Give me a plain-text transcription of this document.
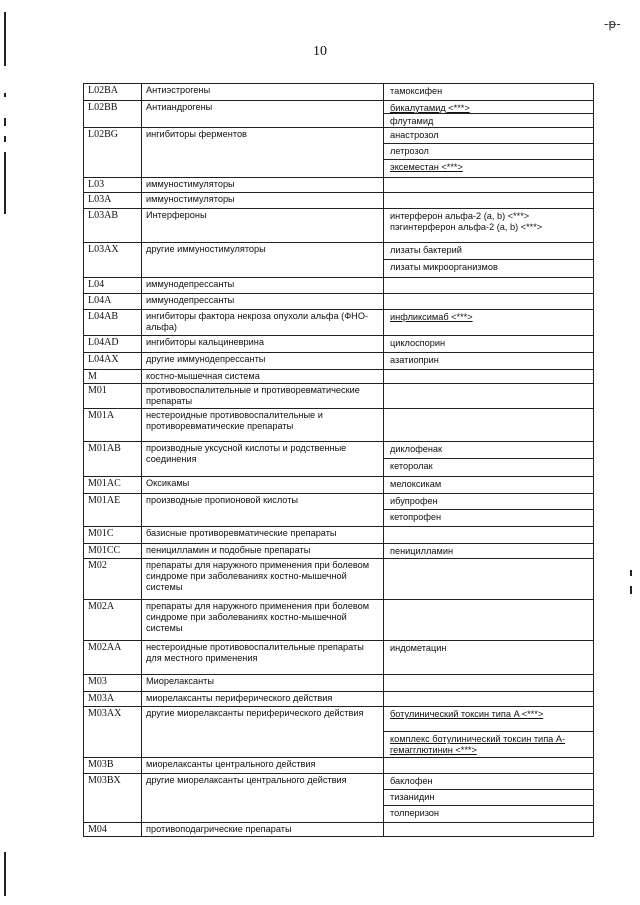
10
-ᵽ-
L02BA	Антиэстрогены	тамоксифен

L02BB	Антиандрогены	бикалутамид <***>
флутамид

L02BG	ингибиторы ферментов	анастрозол
летрозол
эксеместан <***>

L03	иммуностимуляторы	
L03A	иммуностимуляторы	
L03AB	Интерфероны	интерферон альфа-2 (a, b) <***>
пэгинтерферон альфа-2 (a, b) <***>

L03AX	другие иммуностимуляторы	лизаты бактерий
лизаты микроорганизмов

L04	иммунодепрессанты	
L04A	иммунодепрессанты	
L04AB	ингибиторы фактора некроза опухоли альфа (ФНО-альфа)	инфликсимаб <***>

L04AD	ингибиторы кальциневрина	циклоспорин

L04AX	другие иммунодепрессанты	азатиоприн

M	костно-мышечная система	
M01	противовоспалительные и противоревматические препараты	
M01A	нестероидные противовоспалительные и противоревматические препараты	
M01AB	производные уксусной кислоты и родственные соединения	диклофенак
кеторолак

M01AC	Оксикамы	мелоксикам

M01AE	производные пропионовой кислоты	ибупрофен
кетопрофен

M01C	базисные противоревматические препараты	
M01CC	пеницилламин и подобные препараты	пеницилламин

M02	препараты для наружного применения при болевом синдроме при заболеваниях костно-мышечной системы	
M02A	препараты для наружного применения при болевом синдроме при заболеваниях костно-мышечной системы	
M02AA	нестероидные противовоспалительные препараты для местного применения	индометацин

M03	Миорелаксанты	
M03A	миорелаксанты периферического действия	
M03AX	другие миорелаксанты периферического действия	ботулинический токсин типа A <***>
комплекс ботулинический токсин типа A-гемагглютинин <***>

M03B	миорелаксанты центрального действия	
M03BX	другие миорелаксанты центрального действия	баклофен
тизанидин
толперизон

M04	противоподагрические препараты	
